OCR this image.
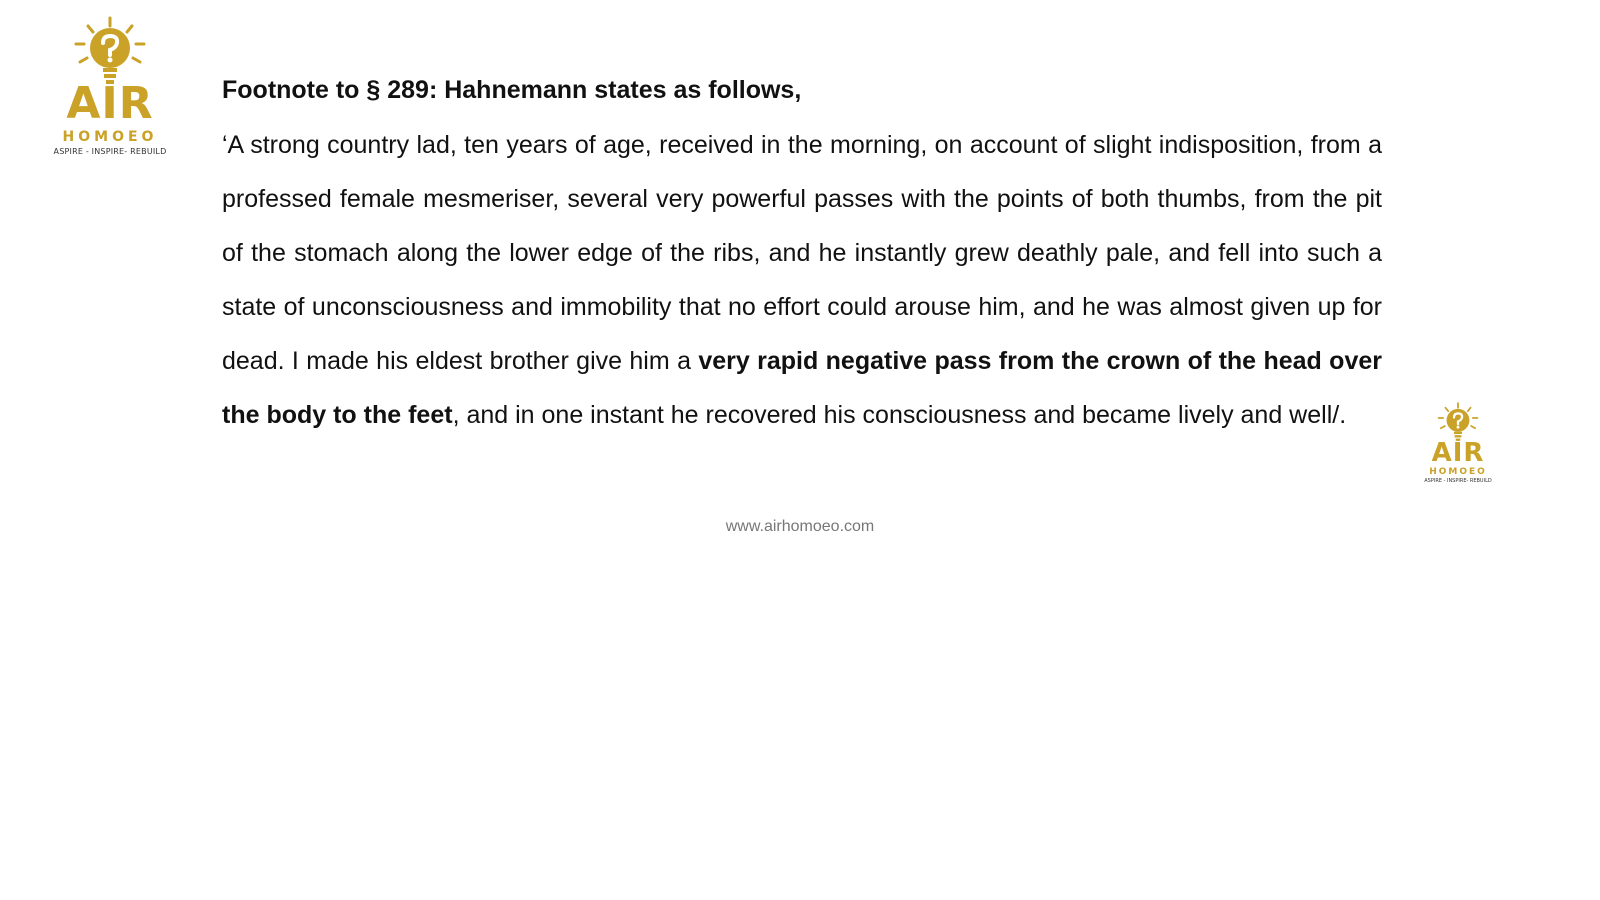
AIR
HOMOEO
ASPIRE - INSPIRE- REBUILD
Footnote to § 289: Hahnemann states as follows,

‘A strong country lad, ten years of age, received in the morning, on account of slight indisposition, from a professed female mesmeriser, several very powerful passes with the points of both thumbs, from the pit of the stomach along the lower edge of the ribs, and he instantly grew deathly pale, and fell into such a state of unconsciousness and immobility that no effort could arouse him, and he was almost given up for dead. I made his eldest brother give him a very rapid negative pass from the crown of the head over the body to the feet, and in one instant he recovered his consciousness and became lively and well/.

AIR
HOMOEO
ASPIRE - INSPIRE- REBUILD
www.airhomoeo.com
